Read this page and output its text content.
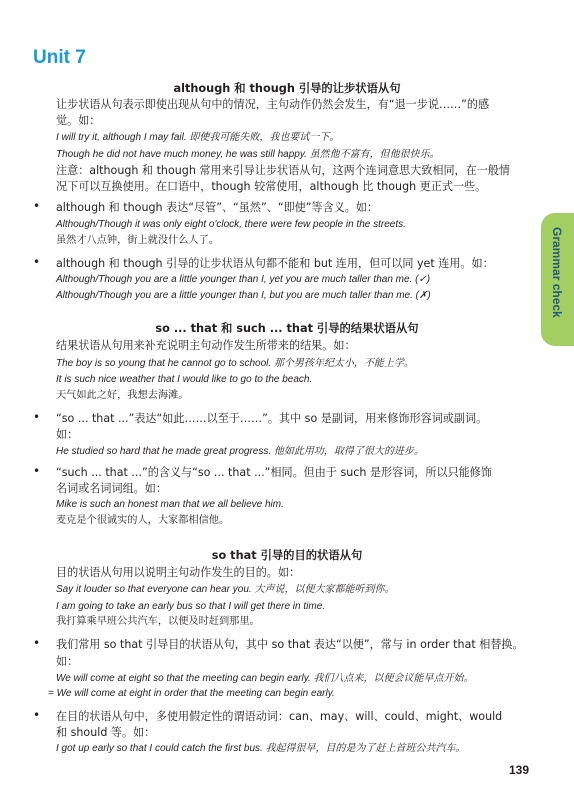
Unit 7
Grammar check
although 和 though 引导的让步状语从句
让步状语从句表示即使出现从句中的情况，主句动作仍然会发生，有“退一步说……”的感
觉。如：
I will try it, although I may fail. 即使我可能失败，我也要试一下。
Though he did not have much money, he was still happy. 虽然他不富有，但他很快乐。
注意：although 和 though 常用来引导让步状语从句，这两个连词意思大致相同，在一般情
况下可以互换使用。在口语中，though 较常使用，although 比 though 更正式一些。
• although 和 though 表达“尽管”、“虽然”、“即使”等含义。如：
Although/Though it was only eight o'clock, there were few people in the streets.
虽然才八点钟，街上就没什么人了。
• although 和 though 引导的让步状语从句都不能和 but 连用，但可以同 yet 连用。如：
Although/Though you are a little younger than I, yet you are much taller than me. (✓)
Although/Though you are a little younger than I, but you are much taller than me. (✗)
so ... that 和 such ... that 引导的结果状语从句
结果状语从句用来补充说明主句动作发生所带来的结果。如：
The boy is so young that he cannot go to school. 那个男孩年纪太小，不能上学。
It is such nice weather that I would like to go to the beach.
天气如此之好，我想去海滩。
• “so ... that ...”表达“如此……以至于……”。其中 so 是副词，用来修饰形容词或副词。
如：
He studied so hard that he made great progress. 他如此用功，取得了很大的进步。
• “such ... that ...”的含义与“so ... that ...”相同。但由于 such 是形容词，所以只能修饰
名词或名词词组。如：
Mike is such an honest man that we all believe him.
麦克是个很诚实的人，大家都相信他。
so that 引导的目的状语从句
目的状语从句用以说明主句动作发生的目的。如：
Say it louder so that everyone can hear you. 大声说，以便大家都能听到你。
I am going to take an early bus so that I will get there in time.
我打算乘早班公共汽车，以便及时赶到那里。
• 我们常用 so that 引导目的状语从句，其中 so that 表达“以便”，常与 in order that 相替换。
如：
We will come at eight so that the meeting can begin early. 我们八点来，以便会议能早点开始。
= We will come at eight in order that the meeting can begin early.
• 在目的状语从句中，多使用假定性的谓语动词：can、may、will、could、might、would
和 should 等。如：
I got up early so that I could catch the first bus. 我起得很早，目的是为了赶上首班公共汽车。
139
